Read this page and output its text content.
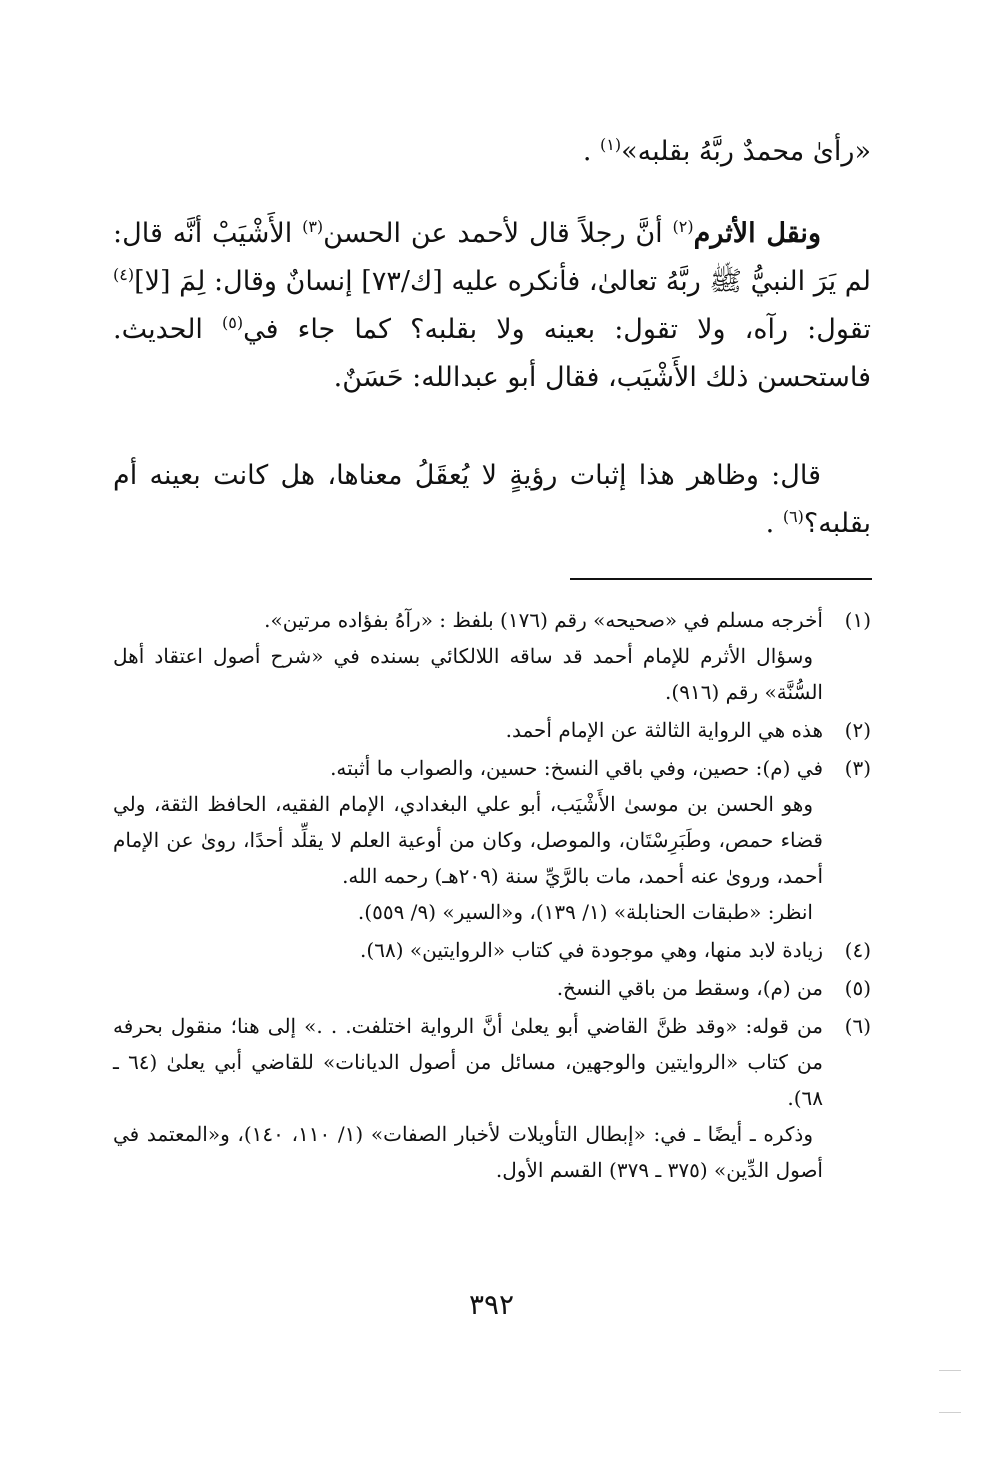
«رأىٰ محمدٌ ربَّهُ بقلبه»$^{(١)}$ .
ونقل الأثرم$^{(٢)}$ أنَّ رجلاً قال لأحمد عن الحسن$^{(٣)}$ الأَشْيَبْ أنَّه قال: لم يَرَ النبيُّ ﷺ ربَّهُ تعالىٰ، فأنكره عليه [ك/٧٣] إنسانٌ وقال: لِمَ [لا]$^{(٤)}$ تقول: رآه، ولا تقول: بعينه ولا بقلبه؟ كما جاء في$^{(٥)}$ الحديث. فاستحسن ذلك الأَشْيَب، فقال أبو عبدالله: حَسَنٌ.
قال: وظاهر هذا إثبات رؤيةٍ لا يُعقَلُ معناها، هل كانت بعينه أم بقلبه؟$^{(٦)}$ .
(١)

أخرجه مسلم في «صحيحه» رقم (١٧٦) بلفظ : «رآهُ بفؤاده مرتين».

وسؤال الأثرم للإمام أحمد قد ساقه اللالكائي بسنده في «شرح أصول اعتقاد أهل السُّنَّة» رقم (٩١٦).

(٢)

هذه هي الرواية الثالثة عن الإمام أحمد.

(٣)

في (م): حصين، وفي باقي النسخ: حسين، والصواب ما أثبته.

وهو الحسن بن موسىٰ الأَشْيَب، أبو علي البغدادي، الإمام الفقيه، الحافظ الثقة، ولي قضاء حمص، وطَبَرِسْتَان، والموصل، وكان من أوعية العلم لا يقلِّد أحدًا، روىٰ عن الإمام أحمد، وروىٰ عنه أحمد، مات بالرَّيِّ سنة (٢٠٩هـ) رحمه الله.

انظر: «طبقات الحنابلة» (١/ ١٣٩)، و«السير» (٩/ ٥٥٩).

(٤)

زيادة لابد منها، وهي موجودة في كتاب «الروايتين» (٦٨).

(٥)

من (م)، وسقط من باقي النسخ.

(٦)

من قوله: «وقد ظنَّ القاضي أبو يعلىٰ أنَّ الرواية اختلفت. . .» إلى هنا؛ منقول بحرفه من كتاب «الروايتين والوجهين، مسائل من أصول الديانات» للقاضي أبي يعلىٰ (٦٤ ـ ٦٨).

وذكره ـ أيضًا ـ في: «إبطال التأويلات لأخبار الصفات» (١/ ١١٠، ١٤٠)، و«المعتمد في أصول الدِّين» (٣٧٥ ـ ٣٧٩) القسم الأول.

٣٩٢
